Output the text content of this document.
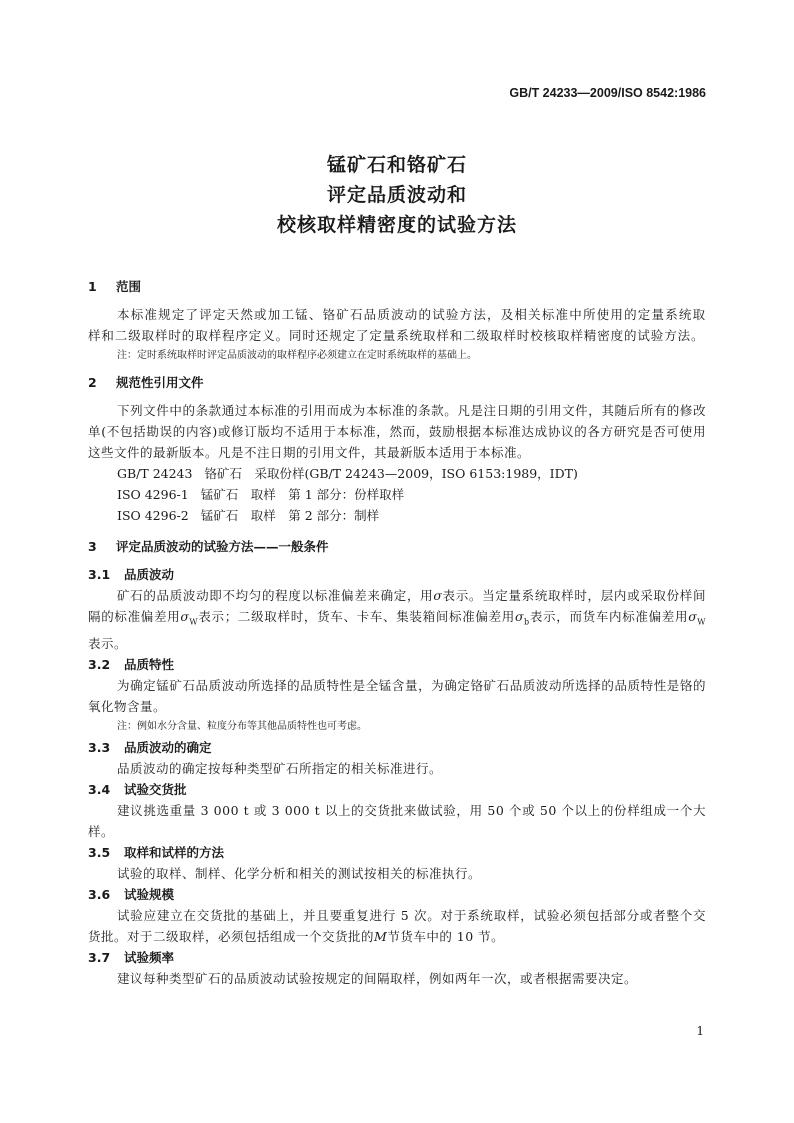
GB/T 24233—2009/ISO 8542:1986
锰矿石和铬矿石
评定品质波动和
校核取样精密度的试验方法
1 范围

本标准规定了评定天然或加工锰、铬矿石品质波动的试验方法，及相关标准中所使用的定量系统取样和二级取样时的取样程序定义。同时还规定了定量系统取样和二级取样时校核取样精密度的试验方法。

注：定时系统取样时评定品质波动的取样程序必须建立在定时系统取样的基础上。

2 规范性引用文件

下列文件中的条款通过本标准的引用而成为本标准的条款。凡是注日期的引用文件，其随后所有的修改单(不包括勘误的内容)或修订版均不适用于本标准，然而，鼓励根据本标准达成协议的各方研究是否可使用这些文件的最新版本。凡是不注日期的引用文件，其最新版本适用于本标准。

GB/T 24243 铬矿石　采取份样(GB/T 24243—2009，ISO 6153:1989，IDT)

ISO 4296-1 锰矿石　取样　第 1 部分：份样取样

ISO 4296-2 锰矿石　取样　第 2 部分：制样

3 评定品质波动的试验方法——一般条件
3.1 品质波动

矿石的品质波动即不均匀的程度以标准偏差来确定，用σ表示。当定量系统取样时，层内或采取份样间隔的标准偏差用$\sigma_W$表示；二级取样时，货车、卡车、集装箱间标准偏差用$\sigma_b$表示，而货车内标准偏差用$\sigma_W$表示。

3.2 品质特性

为确定锰矿石品质波动所选择的品质特性是全锰含量，为确定铬矿石品质波动所选择的品质特性是铬的氧化物含量。

注：例如水分含量、粒度分布等其他品质特性也可考虑。

3.3 品质波动的确定

品质波动的确定按每种类型矿石所指定的相关标准进行。

3.4 试验交货批

建议挑选重量 3 000 t 或 3 000 t 以上的交货批来做试验，用 50 个或 50 个以上的份样组成一个大样。

3.5 取样和试样的方法

试验的取样、制样、化学分析和相关的测试按相关的标准执行。

3.6 试验规模

试验应建立在交货批的基础上，并且要重复进行 5 次。对于系统取样，试验必须包括部分或者整个交货批。对于二级取样，必须包括组成一个交货批的M节货车中的 10 节。

3.7 试验频率

建议每种类型矿石的品质波动试验按规定的间隔取样，例如两年一次，或者根据需要决定。

1
